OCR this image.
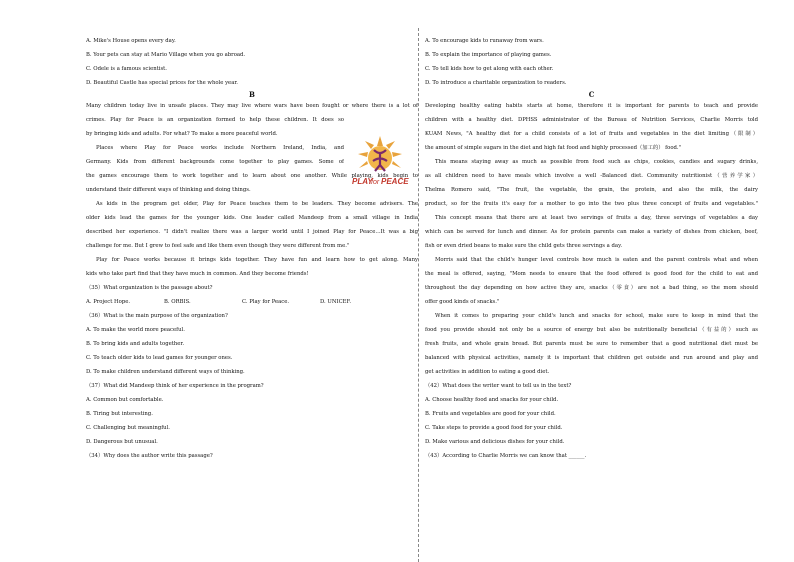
A. Mike's House opens every day.
B. Your pets can stay at Mario Village when you go abroad.
C. Odele is a famous scientist.
D. Beautiful Castle has special prices for the whole year.
B
Many children today live in unsafe places. They may live where wars have been fought or where there is a lot of
crimes. Play for Peace is an organization formed to help these children. It does so
by bringing kids and adults. For what? To make a more peaceful world.
Places where Play for Peace works include Northern Ireland, India, and
Germany. Kids from different backgrounds come together to play games. Some of
the games encourage them to work together and to learn about one another. While playing, kids begin to
understand their different ways of thinking and doing things.
As kids in the program get older, Play for Peace teaches them to be leaders. They become advisers. The
older kids lead the games for the younger kids. One leader called Mandeep from a small village in India
described her experience. "I didn't realize there was a larger world until I joined Play for Peace…It was a big
challenge for me. But I grew to feel safe and like them even though they were different from me."
Play for Peace works because it brings kids together. They have fun and learn how to get along. Many
kids who take part find that they have much in common. And they become friends!
（35）What organization is the passage about?
A. Project Hope.	B. ORBIS.	C. Play for Peace.	D. UNICEF.
（36）What is the main purpose of the organization?
A. To make the world more peaceful.
B. To bring kids and adults together.
C. To teach older kids to lead games for younger ones.
D. To make children understand different ways of thinking.
（37）What did Mandeep think of her experience in the program?
A. Common but comfortable.
B. Tiring but interesting.
C. Challenging but meaningful.
D. Dangerous but unusual.
（34）Why does the author write this passage?
PLAY
for PEACE
A. To encourage kids to runaway from wars.
B. To explain the importance of playing games.
C. To tell kids how to get along with each other.
D. To introduce a charitable organization to readers.
C
Developing healthy eating habits starts at home, therefore it is important for parents to teach and provide
children with a healthy diet. DPHSS administrator of the Bureau of Nutrition Services, Charlie Morris told
KUAM News, "A healthy diet for a child consists of a lot of fruits and vegetables in the diet limiting（限制）
the amount of simple sugars in the diet and high fat food and highly processed（加工的） food."
This means staying away as much as possible from food such as chips, cookies, candies and sugary drinks,
as all children need to have meals which involve a well -Balanced diet. Community nutritionist（营养学家）
Thelma Romero said, "The fruit, the vegetable, the grain, the protein, and also the milk, the dairy
product, so for the fruits it's easy for a mother to go into the two plus three concept of fruits and vegetables."
This concept means that there are at least two servings of fruits a day, three servings of vegetables a day
which can be served for lunch and dinner. As for protein parents can make a variety of dishes from chicken, beef,
fish or even dried beans to make sure the child gets three servings a day.
Morris said that the child's hunger level controls how much is eaten and the parent controls what and when
the meal is offered, saying, "Mom needs to ensure that the food offered is good food for the child to eat and
throughout the day depending on how active they are, snacks（零食）are not a bad thing, so the mom should
offer good kinds of snacks."
When it comes to preparing your child's lunch and snacks for school, make sure to keep in mind that the
food you provide should not only be a source of energy but also be nutritionally beneficial（有益的）such as
fresh fruits, and whole grain bread. But parents must be sure to remember that a good nutritional diet must be
balanced with physical activities, namely it is important that children get outside and run around and play and
get activities in addition to eating a good diet.
（42）What does the writer want to tell us in the text?
A. Choose healthy food and snacks for your child.
B. Fruits and vegetables are good for your child.
C. Take steps to provide a good food for your child.
D. Make various and delicious dishes for your child.
（43）According to Charlie Morris we can know that ______.
